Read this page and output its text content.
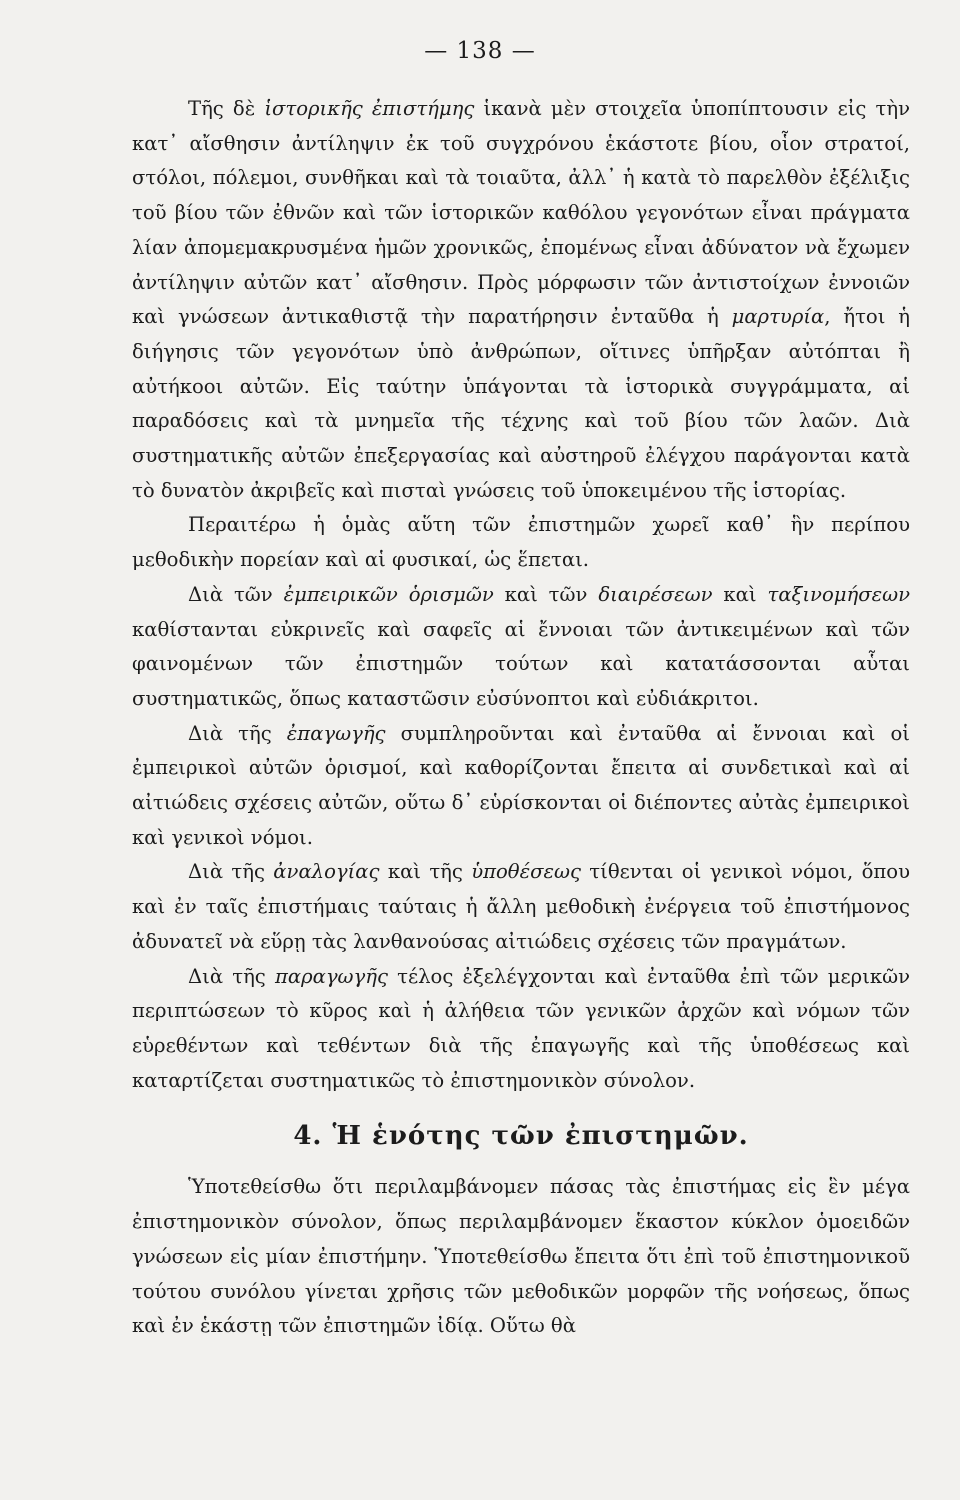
— 138 —

Τῆς δὲ ἱστορικῆς ἐπιστήμης ἱκανὰ μὲν στοιχεῖα ὑποπίπτουσιν εἰς τὴν κατ᾽ αἴσθησιν ἀντίληψιν ἐκ τοῦ συγχρόνου ἑκάστοτε βίου, οἷον στρατοί, στόλοι, πόλεμοι, συνθῆκαι καὶ τὰ τοιαῦτα, ἀλλ᾽ ἡ κατὰ τὸ παρελθὸν ἐξέλιξις τοῦ βίου τῶν ἐθνῶν καὶ τῶν ἱστορικῶν καθόλου γεγονότων εἶναι πράγματα λίαν ἀπομεμακρυσμένα ἡμῶν χρονικῶς, ἐπομένως εἶναι ἀδύνατον νὰ ἔχωμεν ἀντίληψιν αὐτῶν κατ᾽ αἴσθησιν. Πρὸς μόρφωσιν τῶν ἀντιστοίχων ἐννοιῶν καὶ γνώσεων ἀντικαθιστᾷ τὴν παρατήρησιν ἐνταῦθα ἡ μαρτυρία, ἤτοι ἡ διήγησις τῶν γεγονότων ὑπὸ ἀνθρώπων, οἵτινες ὑπῆρξαν αὐτόπται ἢ αὐτήκοοι αὐτῶν. Εἰς ταύτην ὑπάγονται τὰ ἱστορικὰ συγγράμματα, αἱ παραδόσεις καὶ τὰ μνημεῖα τῆς τέχνης καὶ τοῦ βίου τῶν λαῶν. Διὰ συστηματικῆς αὐτῶν ἐπεξεργασίας καὶ αὐστηροῦ ἐλέγχου παράγονται κατὰ τὸ δυνατὸν ἀκριβεῖς καὶ πισταὶ γνώσεις τοῦ ὑποκειμένου τῆς ἱστορίας.

Περαιτέρω ἡ ὁμὰς αὕτη τῶν ἐπιστημῶν χωρεῖ καθ᾽ ἣν περίπου μεθοδικὴν πορείαν καὶ αἱ φυσικαί, ὡς ἕπεται.

Διὰ τῶν ἐμπειρικῶν ὁρισμῶν καὶ τῶν διαιρέσεων καὶ ταξινομήσεων καθίστανται εὐκρινεῖς καὶ σαφεῖς αἱ ἔννοιαι τῶν ἀντικειμένων καὶ τῶν φαινομένων τῶν ἐπιστημῶν τούτων καὶ κατατάσσονται αὗται συστηματικῶς, ὅπως καταστῶσιν εὐσύνοπτοι καὶ εὐδιάκριτοι.

Διὰ τῆς ἐπαγωγῆς συμπληροῦνται καὶ ἐνταῦθα αἱ ἔννοιαι καὶ οἱ ἐμπειρικοὶ αὐτῶν ὁρισμοί, καὶ καθορίζονται ἔπειτα αἱ συνδετικαὶ καὶ αἱ αἰτιώδεις σχέσεις αὐτῶν, οὕτω δ᾽ εὑρίσκονται οἱ διέποντες αὐτὰς ἐμπειρικοὶ καὶ γενικοὶ νόμοι.

Διὰ τῆς ἀναλογίας καὶ τῆς ὑποθέσεως τίθενται οἱ γενικοὶ νόμοι, ὅπου καὶ ἐν ταῖς ἐπιστήμαις ταύταις ἡ ἄλλη μεθοδικὴ ἐνέργεια τοῦ ἐπιστήμονος ἀδυνατεῖ νὰ εὕρῃ τὰς λανθανούσας αἰτιώδεις σχέσεις τῶν πραγμάτων.

Διὰ τῆς παραγωγῆς τέλος ἐξελέγχονται καὶ ἐνταῦθα ἐπὶ τῶν μερικῶν περιπτώσεων τὸ κῦρος καὶ ἡ ἀλήθεια τῶν γενικῶν ἀρχῶν καὶ νόμων τῶν εὑρεθέντων καὶ τεθέντων διὰ τῆς ἐπαγωγῆς καὶ τῆς ὑποθέσεως καὶ καταρτίζεται συστηματικῶς τὸ ἐπιστημονικὸν σύνολον.

4. Ἡ ἑνότης τῶν ἐπιστημῶν.

Ὑποτεθείσθω ὅτι περιλαμβάνομεν πάσας τὰς ἐπιστήμας εἰς ἓν μέγα ἐπιστημονικὸν σύνολον, ὅπως περιλαμβάνομεν ἕκαστον κύκλον ὁμοειδῶν γνώσεων εἰς μίαν ἐπιστήμην. Ὑποτεθείσθω ἔπειτα ὅτι ἐπὶ τοῦ ἐπιστημονικοῦ τούτου συνόλου γίνεται χρῆσις τῶν μεθοδικῶν μορφῶν τῆς νοήσεως, ὅπως καὶ ἐν ἑκάστῃ τῶν ἐπιστημῶν ἰδίᾳ. Οὕτω θὰ
